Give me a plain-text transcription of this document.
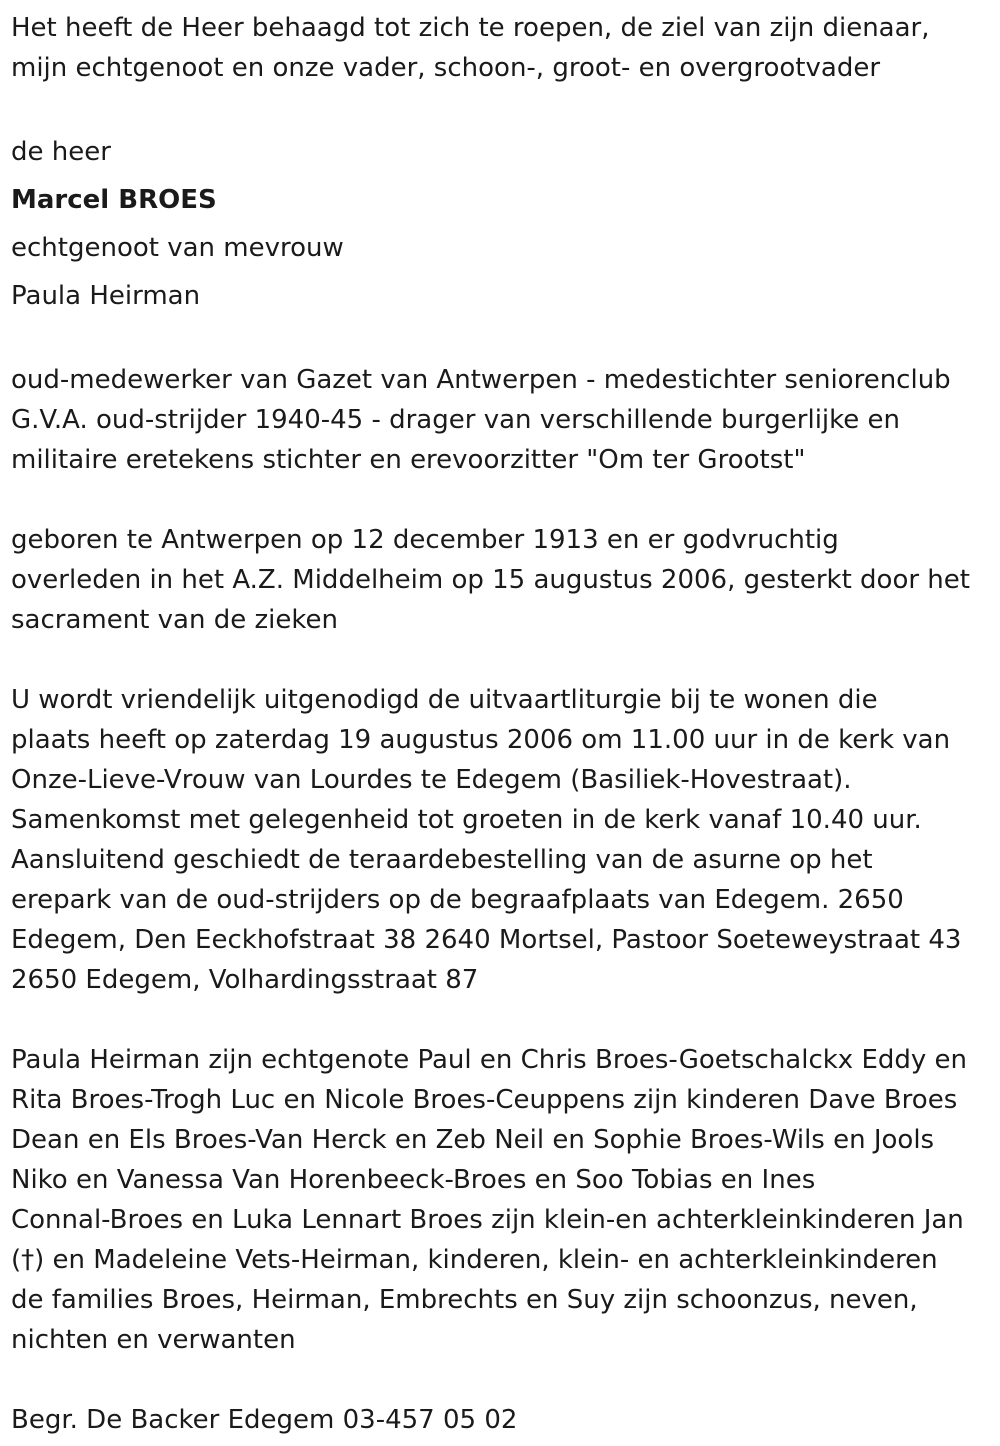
Het heeft de Heer behaagd tot zich te roepen, de ziel van zijn dienaar,
mijn echtgenoot en onze vader, schoon-, groot- en overgrootvader

de heer

Marcel BROES

echtgenoot van mevrouw

Paula Heirman

oud-medewerker van Gazet van Antwerpen - medestichter seniorenclub
G.V.A. oud-strijder 1940-45 - drager van verschillende burgerlijke en
militaire eretekens stichter en erevoorzitter "Om ter Grootst"

geboren te Antwerpen op 12 december 1913 en er godvruchtig
overleden in het A.Z. Middelheim op 15 augustus 2006, gesterkt door het
sacrament van de zieken

U wordt vriendelijk uitgenodigd de uitvaartliturgie bij te wonen die
plaats heeft op zaterdag 19 augustus 2006 om 11.00 uur in de kerk van
Onze-Lieve-Vrouw van Lourdes te Edegem (Basiliek-Hovestraat).
Samenkomst met gelegenheid tot groeten in de kerk vanaf 10.40 uur.
Aansluitend geschiedt de teraardebestelling van de asurne op het
erepark van de oud-strijders op de begraafplaats van Edegem. 2650
Edegem, Den Eeckhofstraat 38 2640 Mortsel, Pastoor Soeteweystraat 43
2650 Edegem, Volhardingsstraat 87

Paula Heirman zijn echtgenote Paul en Chris Broes-Goetschalckx Eddy en
Rita Broes-Trogh Luc en Nicole Broes-Ceuppens zijn kinderen Dave Broes
Dean en Els Broes-Van Herck en Zeb Neil en Sophie Broes-Wils en Jools
Niko en Vanessa Van Horenbeeck-Broes en Soo Tobias en Ines
Connal-Broes en Luka Lennart Broes zijn klein-en achterkleinkinderen Jan
(†) en Madeleine Vets-Heirman, kinderen, klein- en achterkleinkinderen
de families Broes, Heirman, Embrechts en Suy zijn schoonzus, neven,
nichten en verwanten

Begr. De Backer Edegem 03-457 05 02
